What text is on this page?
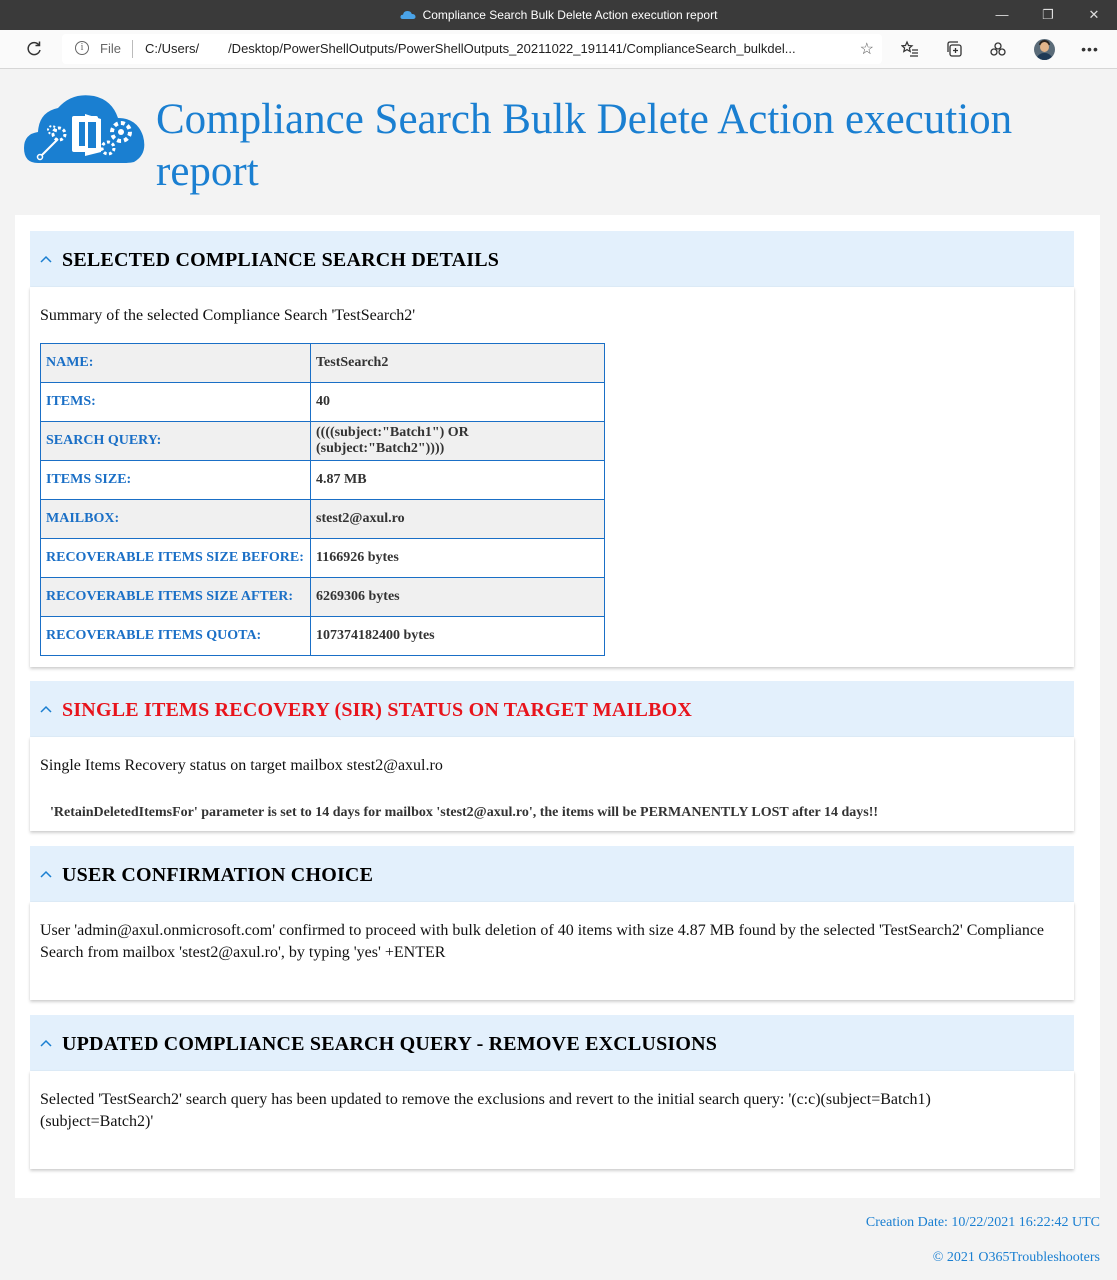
Compliance Search Bulk Delete Action execution report	—	❐	✕
i	File C:/Users/        /Desktop/PowerShellOutputs/PowerShellOutputs_20211022_191141/ComplianceSearch_bulkdel...	☆	•••
Compliance Search Bulk Delete Action execution report
SELECTED COMPLIANCE SEARCH DETAILS

Summary of the selected Compliance Search 'TestSearch2'

NAME:	TestSearch2
ITEMS:	40
SEARCH QUERY:	((((subject:"Batch1") OR (subject:"Batch2"))))
ITEMS SIZE:	4.87 MB
MAILBOX:	stest2@axul.ro
RECOVERABLE ITEMS SIZE BEFORE:	1166926 bytes
RECOVERABLE ITEMS SIZE AFTER:	6269306 bytes
RECOVERABLE ITEMS QUOTA:	107374182400 bytes
SINGLE ITEMS RECOVERY (SIR) STATUS ON TARGET MAILBOX

Single Items Recovery status on target mailbox stest2@axul.ro

'RetainDeletedItemsFor' parameter is set to 14 days for mailbox 'stest2@axul.ro', the items will be PERMANENTLY LOST after 14 days!!

USER CONFIRMATION CHOICE

User 'admin@axul.onmicrosoft.com' confirmed to proceed with bulk deletion of 40 items with size 4.87 MB found by the selected 'TestSearch2' Compliance Search from mailbox 'stest2@axul.ro', by typing 'yes' +ENTER

UPDATED COMPLIANCE SEARCH QUERY - REMOVE EXCLUSIONS

Selected 'TestSearch2' search query has been updated to remove the exclusions and revert to the initial search query: '(c:c)(subject=Batch1)(subject=Batch2)'

Creation Date: 10/22/2021 16:22:42 UTC
© 2021 O365Troubleshooters
